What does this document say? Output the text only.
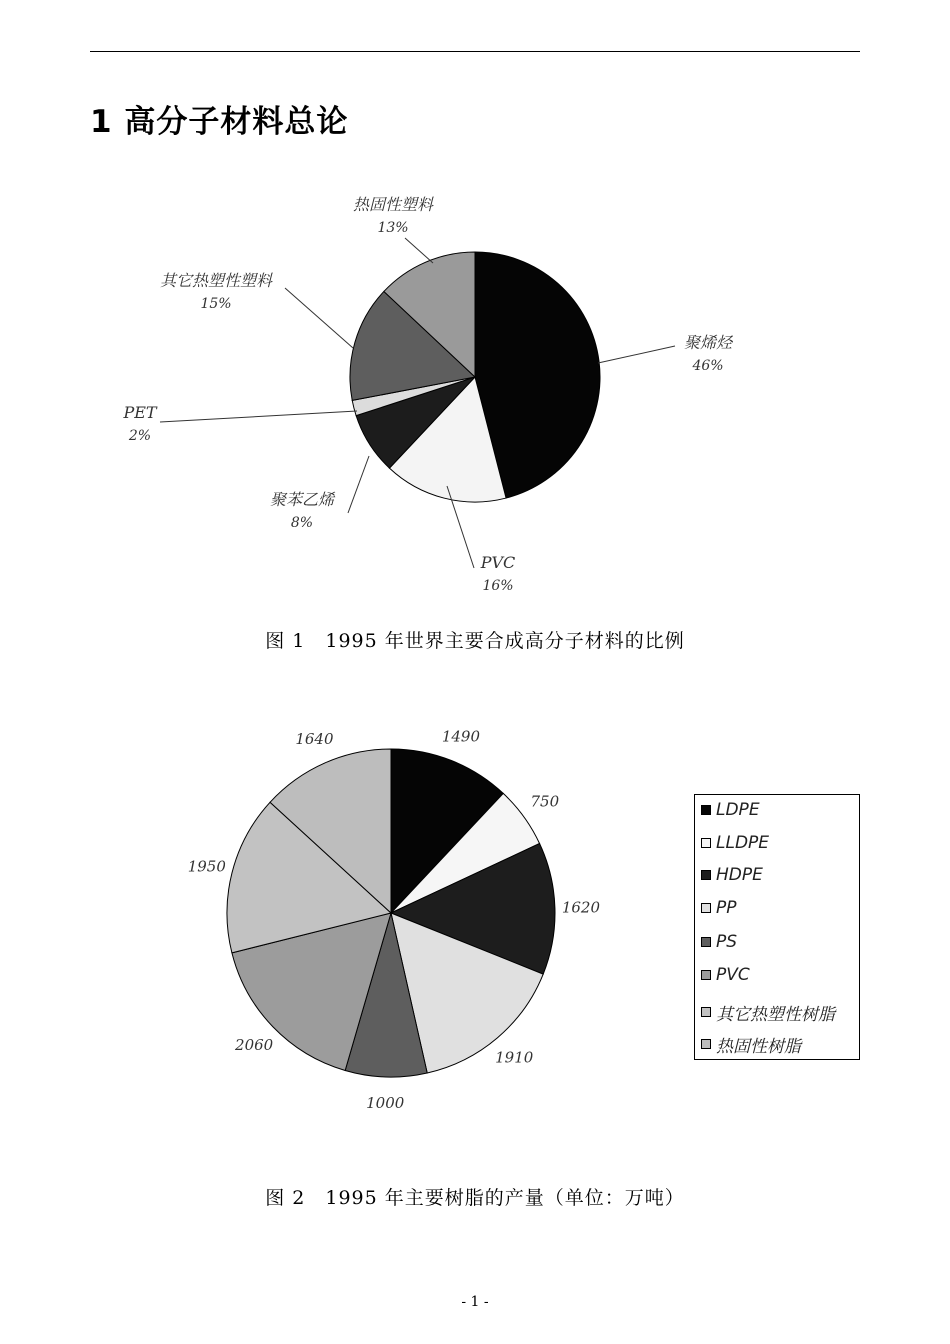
1 高分子材料总论
聚烯烃
46%
PVC
16%
聚苯乙烯
8%
PET
2%
其它热塑性塑料
15%
热固性塑料
13%
图 1　1995 年世界主要合成高分子材料的比例
1490
750
1620
1910
1000
2060
1950
1640
LDPE
LLDPE
HDPE
PP
PS
PVC
其它热塑性树脂
热固性树脂
图 2　1995 年主要树脂的产量（单位：万吨）
- 1 -
